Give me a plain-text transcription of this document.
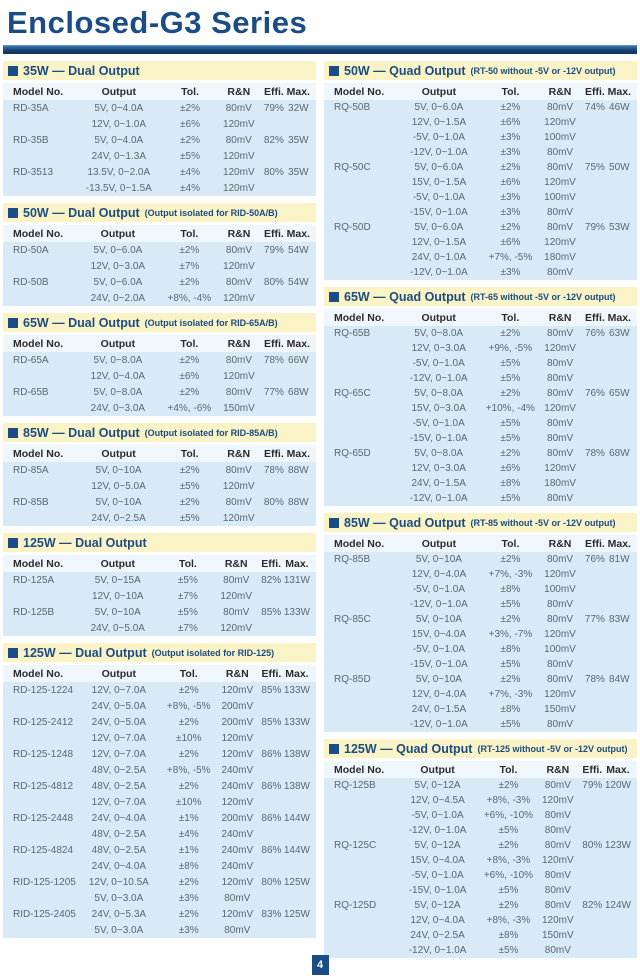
Enclosed-G3 Series
35W — Dual Output
Model No.	Output	Tol.	R&N	Effi.	Max.
RD-35A	5V, 0~4.0A	±2%	80mV	79%	32W
	12V, 0~1.0A	±6%	120mV		
RD-35B	5V, 0~4.0A	±2%	80mV	82%	35W
	24V, 0~1.3A	±5%	120mV		
RD-3513	13.5V, 0~2.0A	±4%	120mV	80%	35W
	-13.5V, 0~1.5A	±4%	120mV		
50W — Dual Output (Output isolated for RID-50A/B)
Model No.	Output	Tol.	R&N	Effi.	Max.
RD-50A	5V, 0~6.0A	±2%	80mV	79%	54W
	12V, 0~3.0A	±7%	120mV		
RD-50B	5V, 0~6.0A	±2%	80mV	80%	54W
	24V, 0~2.0A	+8%, -4%	120mV		
65W — Dual Output (Output isolated for RID-65A/B)
Model No.	Output	Tol.	R&N	Effi.	Max.
RD-65A	5V, 0~8.0A	±2%	80mV	78%	66W
	12V, 0~4.0A	±6%	120mV		
RD-65B	5V, 0~8.0A	±2%	80mV	77%	68W
	24V, 0~3.0A	+4%, -6%	150mV		
85W — Dual Output (Output isolated for RID-85A/B)
Model No.	Output	Tol.	R&N	Effi.	Max.
RD-85A	5V, 0~10A	±2%	80mV	78%	88W
	12V, 0~5.0A	±5%	120mV		
RD-85B	5V, 0~10A	±2%	80mV	80%	88W
	24V, 0~2.5A	±5%	120mV		
125W — Dual Output
Model No.	Output	Tol.	R&N	Effi.	Max.
RD-125A	5V, 0~15A	±5%	80mV	82%	131W
	12V, 0~10A	±7%	120mV		
RD-125B	5V, 0~10A	±5%	80mV	85%	133W
	24V, 0~5.0A	±7%	120mV		
125W — Dual Output (Output isolated for RID-125)
Model No.	Output	Tol.	R&N	Effi.	Max.
RD-125-1224	12V, 0~7.0A	±2%	120mV	85%	133W
	24V, 0~5.0A	+8%, -5%	200mV		
RD-125-2412	24V, 0~5.0A	±2%	200mV	85%	133W
	12V, 0~7.0A	±10%	120mV		
RD-125-1248	12V, 0~7.0A	±2%	120mV	86%	138W
	48V, 0~2.5A	+8%, -5%	240mV		
RD-125-4812	48V, 0~2.5A	±2%	240mV	86%	138W
	12V, 0~7.0A	±10%	120mV		
RD-125-2448	24V, 0~4.0A	±1%	200mV	86%	144W
	48V, 0~2.5A	±4%	240mV		
RD-125-4824	48V, 0~2.5A	±1%	240mV	86%	144W
	24V, 0~4.0A	±8%	240mV		
RID-125-1205	12V, 0~10.5A	±2%	120mV	80%	125W
	5V, 0~3.0A	±3%	80mV		
RID-125-2405	24V, 0~5.3A	±2%	120mV	83%	125W
	5V, 0~3.0A	±3%	80mV		
50W — Quad Output (RT-50 without -5V or -12V output)
Model No.	Output	Tol.	R&N	Effi.	Max.
RQ-50B	5V, 0~6.0A	±2%	80mV	74%	46W
	12V, 0~1.5A	±6%	120mV		
	-5V, 0~1.0A	±3%	100mV		
	-12V, 0~1.0A	±3%	80mV		
RQ-50C	5V, 0~6.0A	±2%	80mV	75%	50W
	15V, 0~1.5A	±6%	120mV		
	-5V, 0~1.0A	±3%	100mV		
	-15V, 0~1.0A	±3%	80mV		
RQ-50D	5V, 0~6.0A	±2%	80mV	79%	53W
	12V, 0~1.5A	±6%	120mV		
	24V, 0~1.0A	+7%, -5%	180mV		
	-12V, 0~1.0A	±3%	80mV		
65W — Quad Output (RT-65 without -5V or -12V output)
Model No.	Output	Tol.	R&N	Effi.	Max.
RQ-65B	5V, 0~8.0A	±2%	80mV	76%	63W
	12V, 0~3.0A	+9%, -5%	120mV		
	-5V, 0~1.0A	±5%	80mV		
	-12V, 0~1.0A	±5%	80mV		
RQ-65C	5V, 0~8.0A	±2%	80mV	76%	65W
	15V, 0~3.0A	+10%, -4%	120mV		
	-5V, 0~1.0A	±5%	80mV		
	-15V, 0~1.0A	±5%	80mV		
RQ-65D	5V, 0~8.0A	±2%	80mV	78%	68W
	12V, 0~3.0A	±6%	120mV		
	24V, 0~1.5A	±8%	180mV		
	-12V, 0~1.0A	±5%	80mV		
85W — Quad Output (RT-85 without -5V or -12V output)
Model No.	Output	Tol.	R&N	Effi.	Max.
RQ-85B	5V, 0~10A	±2%	80mV	76%	81W
	12V, 0~4.0A	+7%, -3%	120mV		
	-5V, 0~1.0A	±8%	100mV		
	-12V, 0~1.0A	±5%	80mV		
RQ-85C	5V, 0~10A	±2%	80mV	77%	83W
	15V, 0~4.0A	+3%, -7%	120mV		
	-5V, 0~1.0A	±8%	100mV		
	-15V, 0~1.0A	±5%	80mV		
RQ-85D	5V, 0~10A	±2%	80mV	78%	84W
	12V, 0~4.0A	+7%, -3%	120mV		
	24V, 0~1.5A	±8%	150mV		
	-12V, 0~1.0A	±5%	80mV		
125W — Quad Output (RT-125 without -5V or -12V output)
Model No.	Output	Tol.	R&N	Effi.	Max.
RQ-125B	5V, 0~12A	±2%	80mV	79%	120W
	12V, 0~4.5A	+8%, -3%	120mV		
	-5V, 0~1.0A	+6%, -10%	80mV		
	-12V, 0~1.0A	±5%	80mV		
RQ-125C	5V, 0~12A	±2%	80mV	80%	123W
	15V, 0~4.0A	+8%, -3%	120mV		
	-5V, 0~1.0A	+6%, -10%	80mV		
	-15V, 0~1.0A	±5%	80mV		
RQ-125D	5V, 0~12A	±2%	80mV	82%	124W
	12V, 0~4.0A	+8%, -3%	120mV		
	24V, 0~2.5A	±8%	150mV		
	-12V, 0~1.0A	±5%	80mV		
4
